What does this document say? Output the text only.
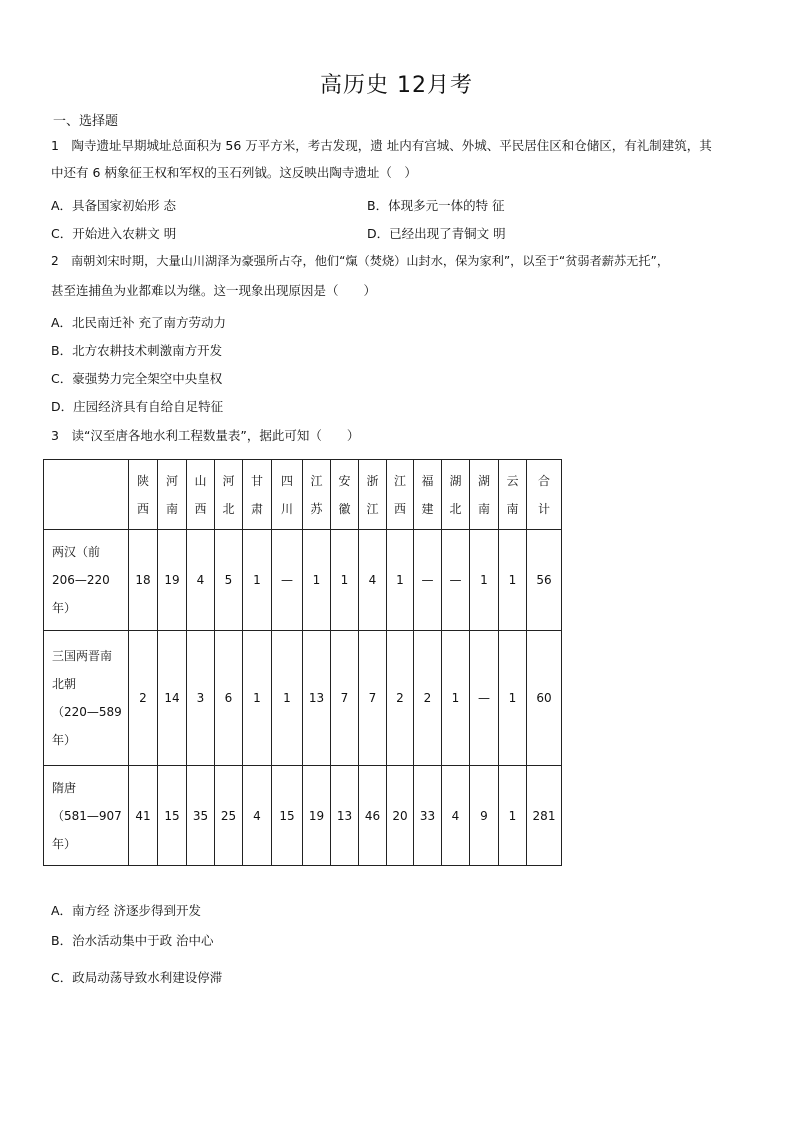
高历史 12月考
一、选择题
1　陶寺遗址早期城址总面积为 56 万平方米，考古发现，遗 址内有宫城、外城、平民居住区和仓储区，有礼制建筑，其
中还有 6 柄象征王权和军权的玉石列钺。这反映出陶寺遗址（　）
A．具备国家初始形 态	B．体现多元一体的特 征
C．开始进入农耕文 明	D．已经出现了青铜文 明
2　南朝刘宋时期，大量山川湖泽为豪强所占夺，他们“熂（焚烧）山封水，保为家利”，以至于“贫弱者薪苏无托”，
甚至连捕鱼为业都难以为继。这一现象出现原因是（　　）
A．北民南迁补 充了南方劳动力
B．北方农耕技术刺激南方开发
C．豪强势力完全架空中央皇权
D．庄园经济具有自给自足特征
3　读“汉至唐各地水利工程数量表”，据此可知（　　）
	陕西	河南	山西	河北	甘肃	四川	江苏	安徽	浙江	江西	福建	湖北	湖南	云南	合计

两汉（前
206—220
年）	18	19	4	5	1	—	1	1	4	1	—	—	1	1	56

三国两晋南
北朝
（220—589
年）	2	14	3	6	1	1	13	7	7	2	2	1	—	1	60

隋唐
（581—907
年）	41	15	35	25	4	15	19	13	46	20	33	4	9	1	281
A．南方经 济逐步得到开发
B．治水活动集中于政 治中心
C．政局动荡导致水利建设停滞
